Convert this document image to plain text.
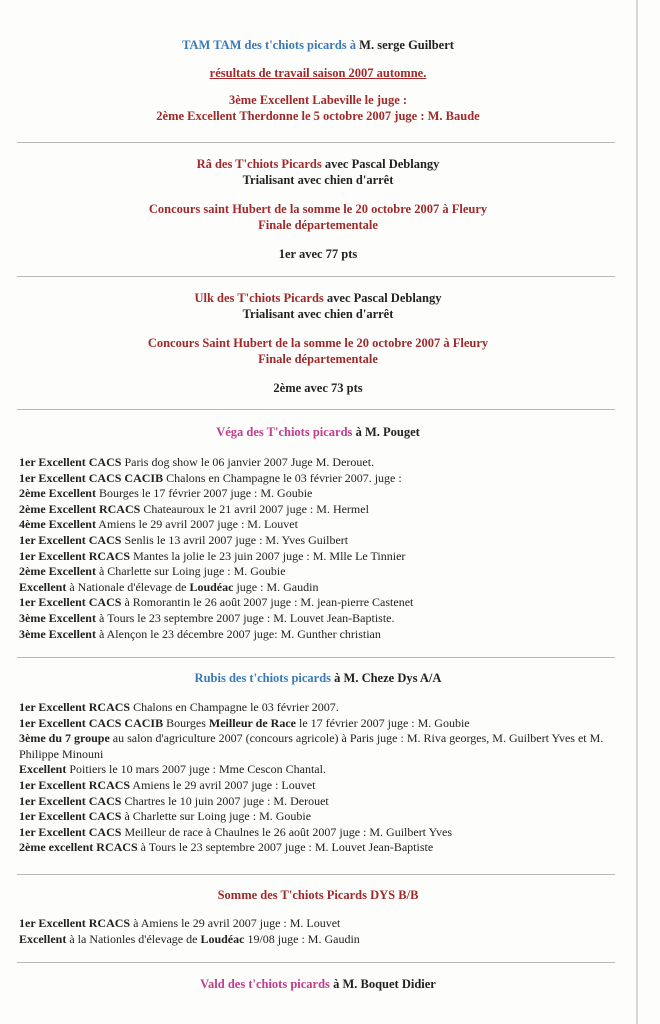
TAM TAM des t'chiots picards à M. serge Guilbert
résultats de travail saison 2007 automne.
3ème Excellent Labeville le juge :
2ème Excellent Therdonne le 5 octobre 2007 juge : M. Baude
Râ des T'chiots Picards avec Pascal Deblangy
Trialisant avec chien d'arrêt
Concours saint Hubert de la somme le 20 octobre 2007 à Fleury
Finale départementale
1er avec 77 pts
Ulk des T'chiots Picards avec Pascal Deblangy
Trialisant avec chien d'arrêt
Concours Saint Hubert de la somme le 20 octobre 2007 à Fleury
Finale départementale
2ème avec 73 pts
Véga des T'chiots picards à M. Pouget
1er Excellent CACS Paris dog show le 06 janvier 2007 Juge M. Derouet.
1er Excellent CACS CACIB Chalons en Champagne le 03 février 2007. juge :
2ème Excellent Bourges le 17 février 2007 juge : M. Goubie
2ème Excellent RCACS Chateauroux le 21 avril 2007 juge : M. Hermel
4ème Excellent Amiens le 29 avril 2007 juge : M. Louvet
1er Excellent CACS Senlis le 13 avril 2007 juge : M. Yves Guilbert
1er Excellent RCACS Mantes la jolie le 23 juin 2007 juge : M. Mlle Le Tinnier
2ème Excellent à Charlette sur Loing juge : M. Goubie
Excellent à Nationale d'élevage de Loudéac juge : M. Gaudin
1er Excellent CACS à Romorantin le 26 août 2007 juge : M. jean-pierre Castenet
3ème Excellent à Tours le 23 septembre 2007 juge : M. Louvet Jean-Baptiste.
3ème Excellent à Alençon le 23 décembre 2007 juge: M. Gunther christian
Rubis des t'chiots picards à M. Cheze Dys A/A
1er Excellent RCACS Chalons en Champagne le 03 février 2007.
1er Excellent CACS CACIB Bourges Meilleur de Race le 17 février 2007 juge : M. Goubie
3ème du 7 groupe au salon d'agriculture 2007 (concours agricole) à Paris juge : M. Riva georges, M. Guilbert Yves et M. Philippe Minouni
Excellent Poitiers le 10 mars 2007 juge : Mme Cescon Chantal.
1er Excellent RCACS Amiens le 29 avril 2007 juge : Louvet
1er Excellent CACS Chartres le 10 juin 2007 juge : M. Derouet
1er Excellent CACS à Charlette sur Loing juge : M. Goubie
1er Excellent CACS Meilleur de race à Chaulnes le 26 août 2007 juge : M. Guilbert Yves
2ème excellent RCACS à Tours le 23 septembre 2007 juge : M. Louvet Jean-Baptiste
Somme des T'chiots Picards DYS B/B
1er Excellent RCACS à Amiens le 29 avril 2007 juge : M. Louvet
Excellent à la Nationles d'élevage de Loudéac 19/08 juge : M. Gaudin
Vald des t'chiots picards à M. Boquet Didier
